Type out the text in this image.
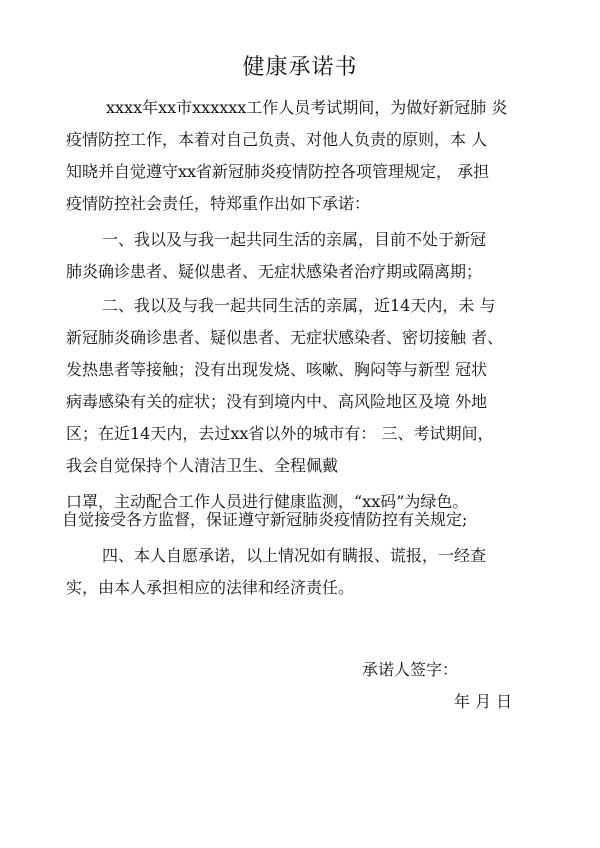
健康承诺书
xxxx年xx市xxxxxx工作人员考试期间，为做好新冠肺 炎
疫情防控工作，本着对自己负责、对他人负责的原则，本 人
知晓并自觉遵守xx省新冠肺炎疫情防控各项管理规定， 承担
疫情防控社会责任，特郑重作出如下承诺：
一、我以及与我一起共同生活的亲属，目前不处于新冠
肺炎确诊患者、疑似患者、无症状感染者治疗期或隔离期；
二、我以及与我一起共同生活的亲属，近14天内，未 与
新冠肺炎确诊患者、疑似患者、无症状感染者、密切接触 者、
发热患者等接触；没有出现发烧、咳嗽、胸闷等与新型 冠状
病毒感染有关的症状；没有到境内中、高风险地区及境 外地
区；在近14天内，去过xx省以外的城市有： 三、考试期间，
我会自觉保持个人清洁卫生、全程佩戴
口罩，主动配合工作人员进行健康监测，“xx码”为绿色。
自觉接受各方监督，保证遵守新冠肺炎疫情防控有关规定;
四、本人自愿承诺，以上情况如有瞒报、谎报，一经查
实，由本人承担相应的法律和经济责任。
承诺人签字：
年 月 日
